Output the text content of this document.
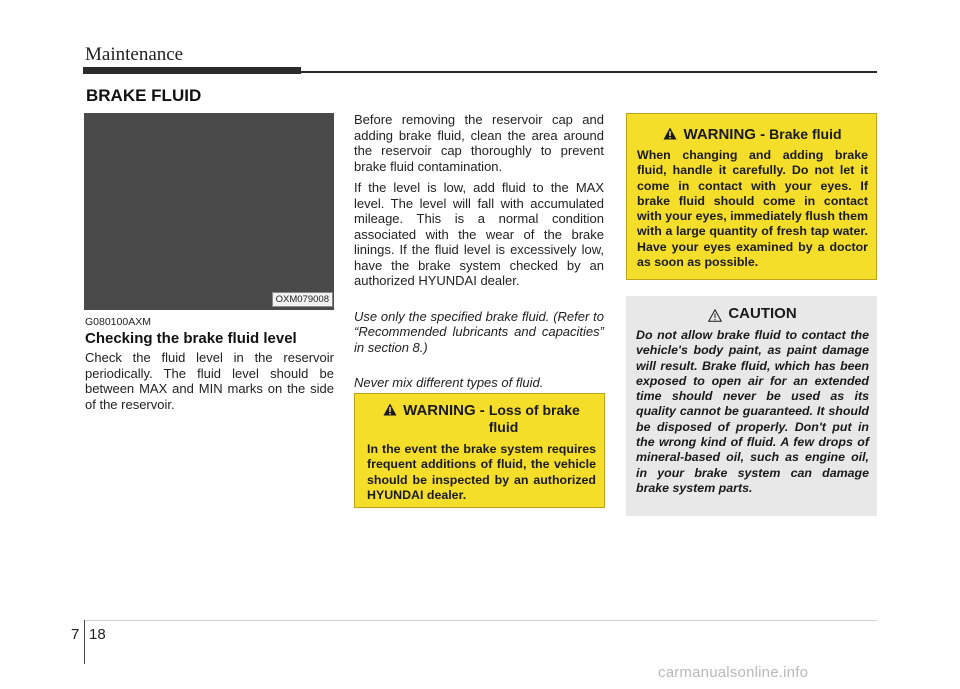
Maintenance
BRAKE FLUID
OXM079008
G080100AXM
Checking the brake fluid level
Check the fluid level in the reservoir periodically. The fluid level should be between MAX and MIN marks on the side of the reservoir.

Before removing the reservoir cap and adding brake fluid, clean the area around the reservoir cap thoroughly to prevent brake fluid contamination.

If the level is low, add fluid to the MAX level. The level will fall with accumulated mileage. This is a normal condition associated with the wear of the brake linings. If the fluid level is excessively low, have the brake system checked by an authorized HYUNDAI dealer.

Use only the specified brake fluid. (Refer to “Recommended lubricants and capacities” in section 8.)

Never mix different types of fluid.

WARNING - Loss of brake
fluid
In the event the brake system requires frequent additions of fluid, the vehicle should be inspected by an authorized HYUNDAI dealer.
WARNING - Brake fluid
When changing and adding brake fluid, handle it carefully. Do not let it come in contact with your eyes. If brake fluid should come in contact with your eyes, immediately flush them with a large quantity of fresh tap water. Have your eyes examined by a doctor as soon as possible.
CAUTION
Do not allow brake fluid to contact the vehicle's body paint, as paint damage will result. Brake fluid, which has been exposed to open air for an extended time should never be used as its quality cannot be guaranteed. It should be disposed of properly. Don't put in the wrong kind of fluid. A few drops of mineral-based oil, such as engine oil, in your brake system can damage brake system parts.
7 18
carmanualsonline.info
